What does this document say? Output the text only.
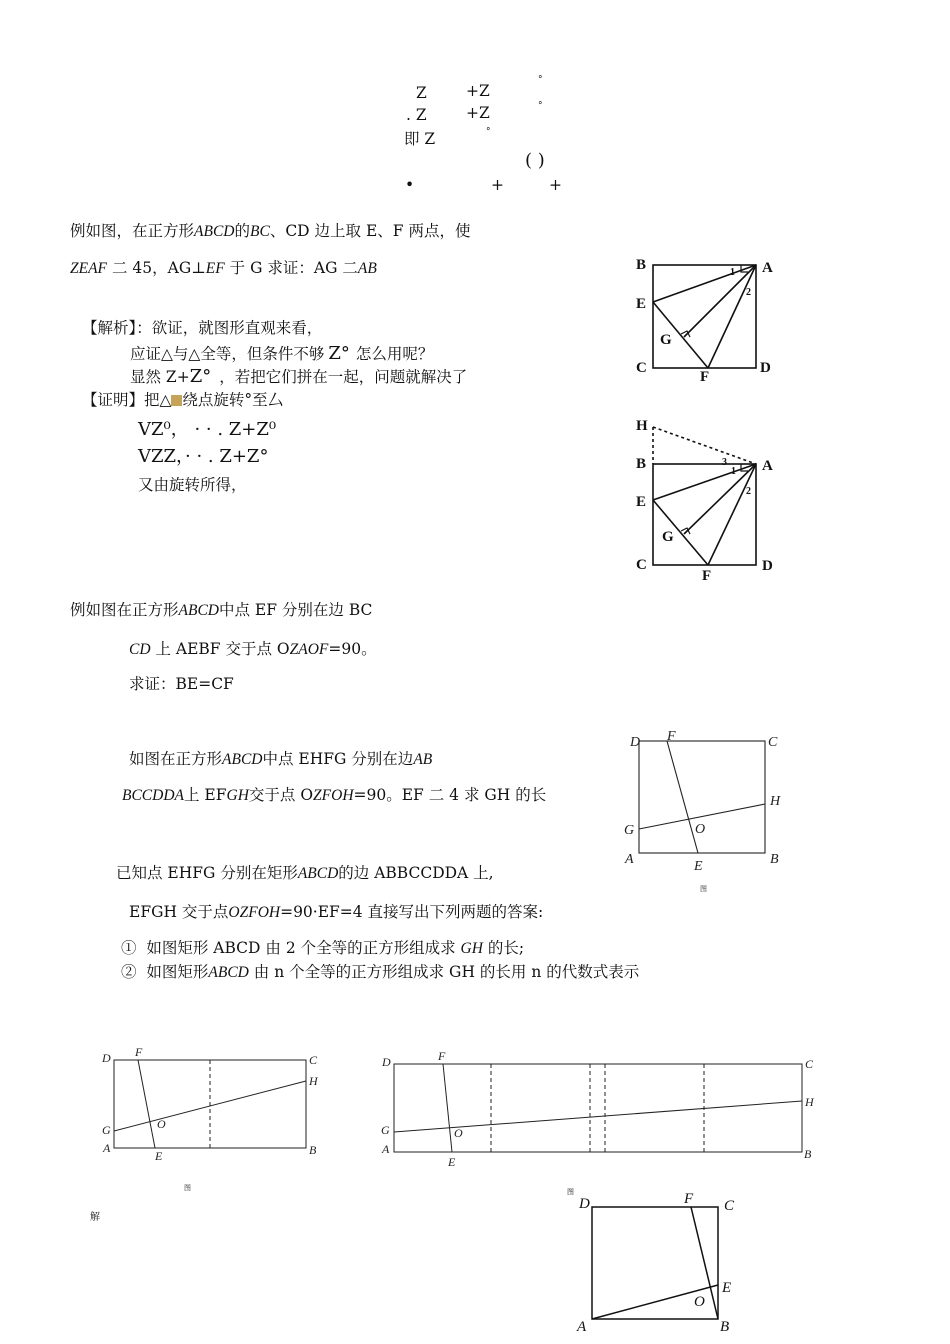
Z	+Z
°
. Z	+Z	°
即 Z	°
( )
•	+	+
例如图，在正方形ABCD的BC、CD 边上取 E、F 两点，使
ZEAF 二 45，AG⊥EF 于 G 求证：AG 二AB
【解析】：欲证，就图形直观来看，
应证△与△全等，但条件不够 Z° 怎么用呢？
显然 Z+Z° ，若把它们拼在一起，问题就解决了
【证明】把△ 绕点旋转°至厶
VZ⁰， · · . Z+Z⁰
VZZ，· · . Z+Z°
又由旋转所得，
B	A
E
G
C
F
D
1
2
H
B	A
E
G
C
F
D
3
1
2
例如图在正方形ABCD中点 EF 分别在边 BC
CD 上 AEBF 交于点 OZAOF=90。
求证：BE=CF
如图在正方形ABCD中点 EHFG 分别在边AB
BCCDDA上 EFGH交于点 OZFOH=90。EF 二 4 求 GH 的长
D F	C
H
G	O
A	E	B
图
已知点 EHFG 分别在矩形ABCD的边 ABBCCDDA 上,
EFGH 交于点OZFOH=90·EF=4 直接写出下列两题的答案:
① 如图矩形 ABCD 由 2 个全等的正方形组成求 GH 的长;
② 如图矩形ABCD 由 n 个全等的正方形组成求 GH 的长用 n 的代数式表示
D F
C
H
G	O
A
E	B
图
D	F
C
H
G	O
A
E
B
D	F C
E
O
A	B
图
解
